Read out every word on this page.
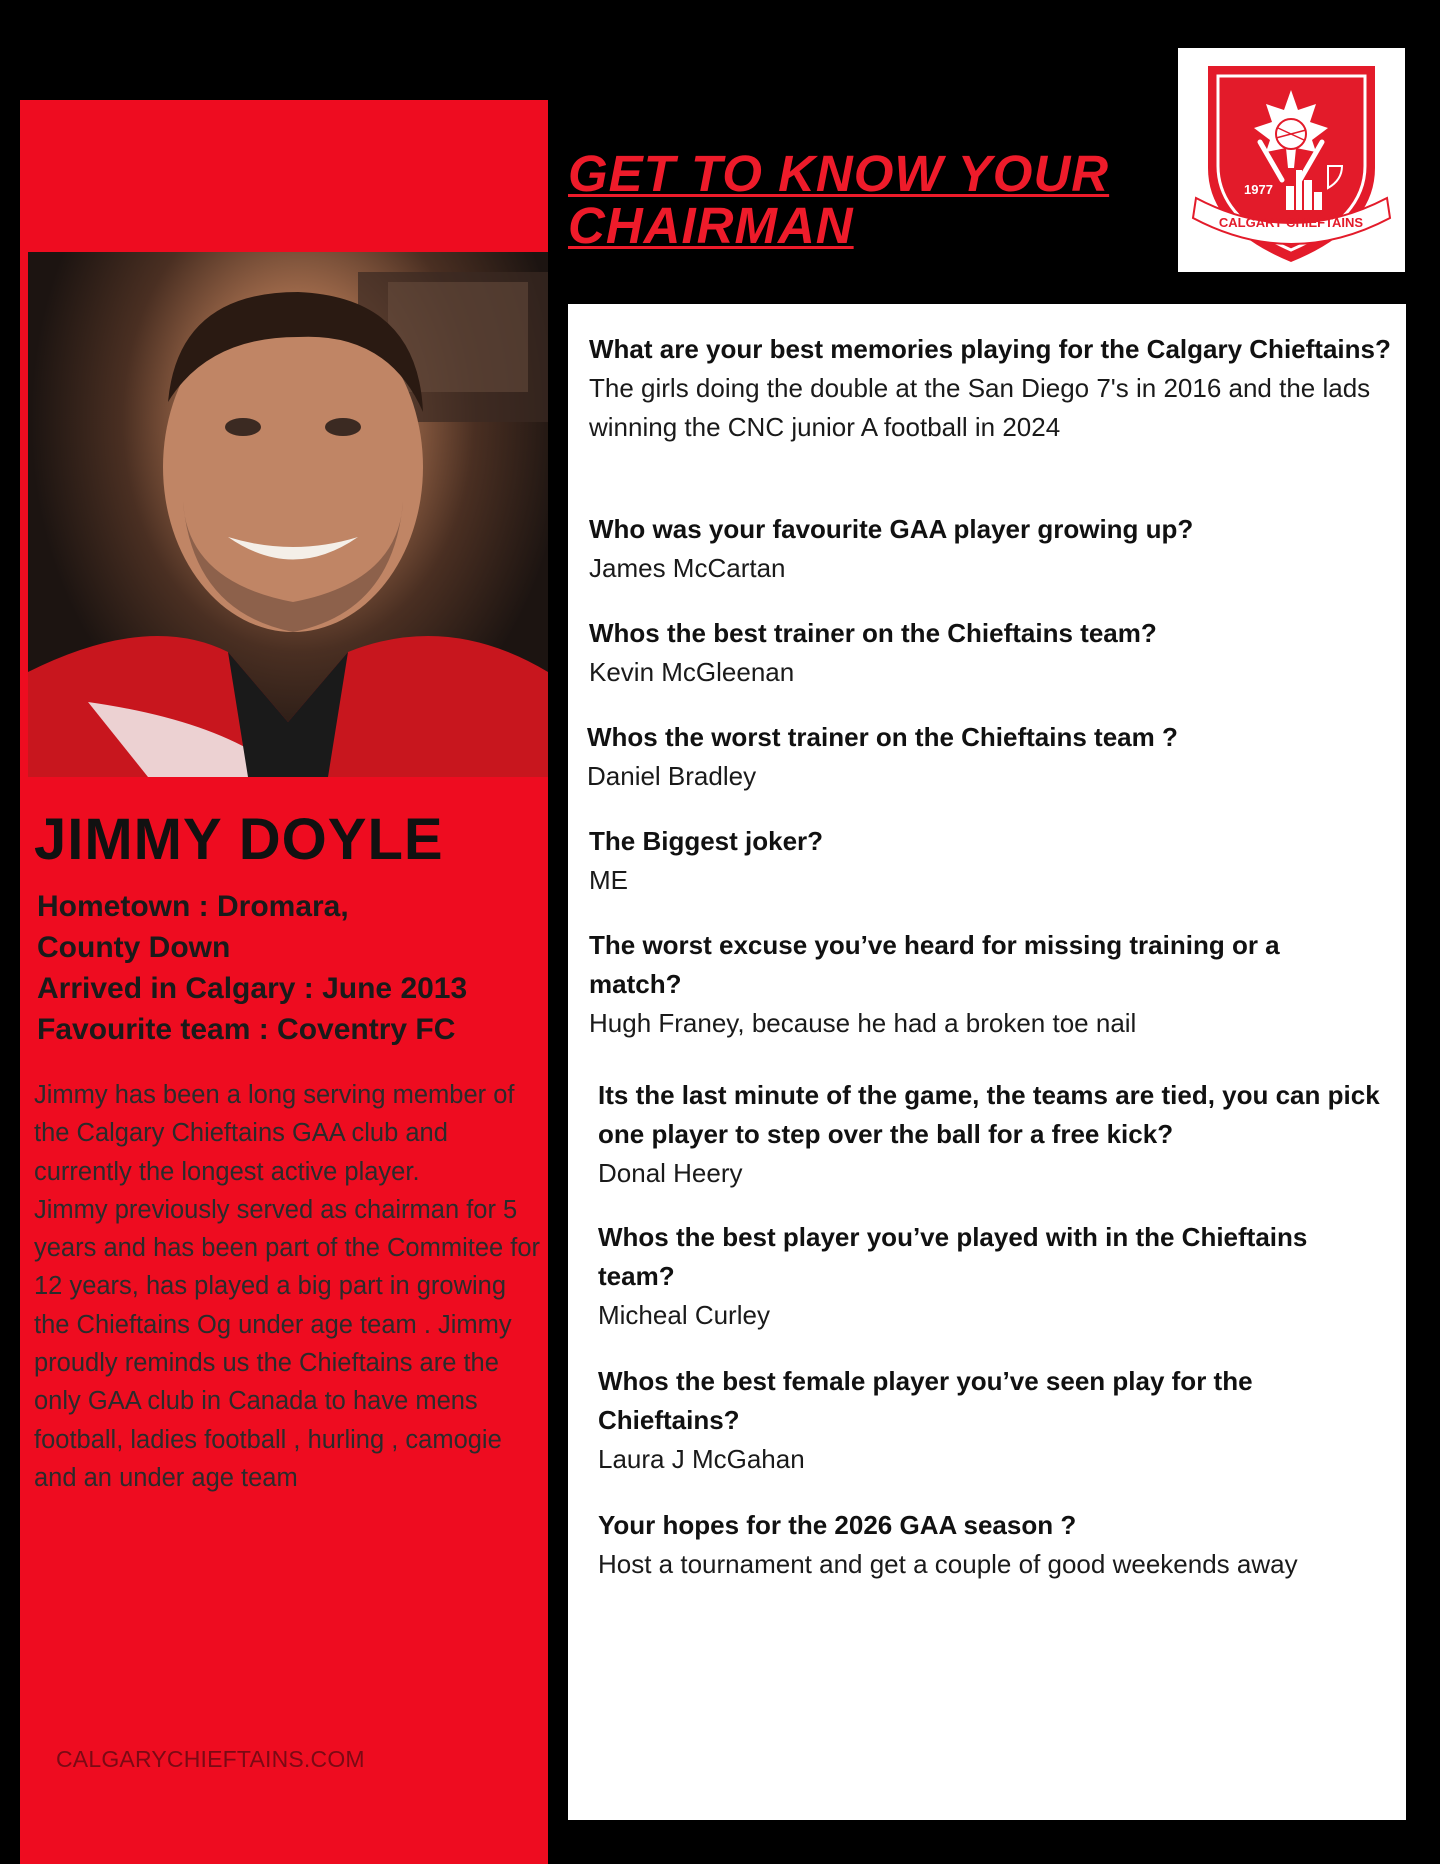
JIMMY DOYLE
Hometown : Dromara,
County Down
Arrived in Calgary : June 2013
Favourite team : Coventry FC

Jimmy has been a long serving member of the Calgary Chieftains GAA club and currently the longest active player.

Jimmy previously served as chairman for 5 years and has been part of the Commitee for 12 years, has played a big part in growing the Chieftains Og under age team . Jimmy proudly reminds us the Chieftains are the only GAA club in Canada to have mens football, ladies football , hurling , camogie and an under age team

CALGARYCHIEFTAINS.COM
GET TO KNOW YOUR CHAIRMAN
1977
CALGARY CHIEFTAINS
What are your best memories playing for the Calgary Chieftains?
The girls doing the double at the San Diego 7's in 2016 and the lads winning the CNC junior A football in 2024
Who was your favourite GAA player growing up?
James McCartan
Whos the best trainer on the Chieftains team?
Kevin McGleenan
Whos the worst trainer on the Chieftains team ?
Daniel Bradley
The Biggest joker?
ME
The worst excuse you’ve heard for missing training or a match?
Hugh Franey, because he had a broken toe nail
Its the last minute of the game, the teams are tied, you can pick one player to step over the ball for a free kick?
Donal Heery
Whos the best player you’ve played with in the Chieftains team?
Micheal Curley
Whos the best female player you’ve seen play for the Chieftains?
Laura J McGahan
Your hopes for the 2026 GAA season ?
Host a tournament and get a couple of good weekends away
